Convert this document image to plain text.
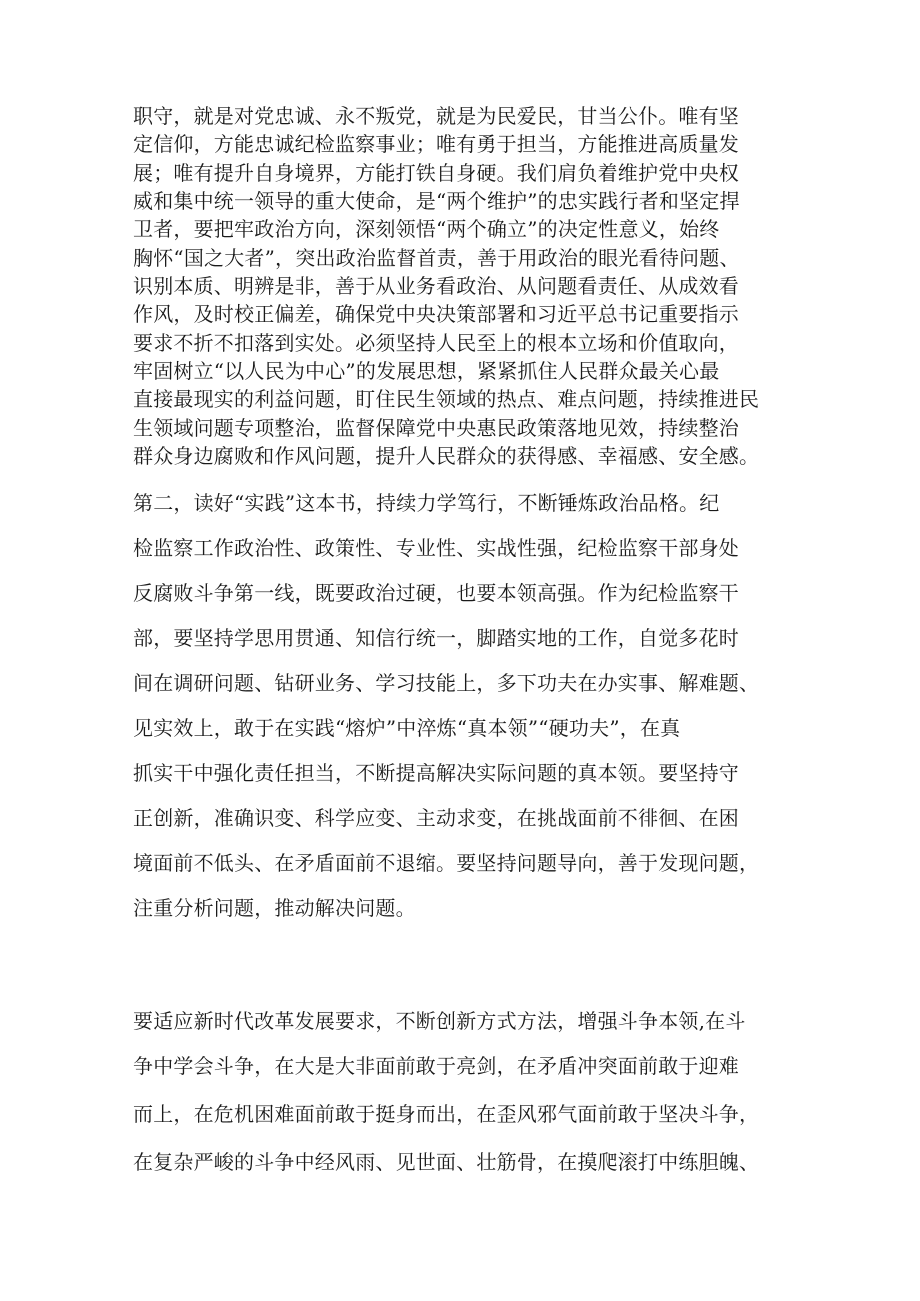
职守，就是对党忠诚、永不叛党，就是为民爱民，甘当公仆。唯有坚
定信仰，方能忠诚纪检监察事业；唯有勇于担当，方能推进高质量发
展；唯有提升自身境界，方能打铁自身硬。我们肩负着维护党中央权
威和集中统一领导的重大使命，是“两个维护”的忠实践行者和坚定捍
卫者，要把牢政治方向，深刻领悟“两个确立”的决定性意义，始终
胸怀“国之大者”，突出政治监督首责，善于用政治的眼光看待问题、
识别本质、明辨是非，善于从业务看政治、从问题看责任、从成效看
作风，及时校正偏差，确保党中央决策部署和习近平总书记重要指示
要求不折不扣落到实处。必须坚持人民至上的根本立场和价值取向，
牢固树立“以人民为中心”的发展思想，紧紧抓住人民群众最关心最
直接最现实的利益问题，盯住民生领域的热点、难点问题，持续推进民
生领域问题专项整治，监督保障党中央惠民政策落地见效，持续整治
群众身边腐败和作风问题，提升人民群众的获得感、幸福感、安全感。
第二，读好“实践”这本书，持续力学笃行，不断锤炼政治品格。纪
检监察工作政治性、政策性、专业性、实战性强，纪检监察干部身处
反腐败斗争第一线，既要政治过硬，也要本领高强。作为纪检监察干
部，要坚持学思用贯通、知信行统一，脚踏实地的工作，自觉多花时
间在调研问题、钻研业务、学习技能上，多下功夫在办实事、解难题、
见实效上，敢于在实践“熔炉”中淬炼“真本领”“硬功夫”，在真
抓实干中强化责任担当，不断提高解决实际问题的真本领。要坚持守
正创新，准确识变、科学应变、主动求变，在挑战面前不徘徊、在困
境面前不低头、在矛盾面前不退缩。要坚持问题导向，善于发现问题，
注重分析问题，推动解决问题。
要适应新时代改革发展要求，不断创新方式方法，增强斗争本领,在斗
争中学会斗争，在大是大非面前敢于亮剑，在矛盾冲突面前敢于迎难
而上，在危机困难面前敢于挺身而出，在歪风邪气面前敢于坚决斗争，
在复杂严峻的斗争中经风雨、见世面、壮筋骨，在摸爬滚打中练胆魄、
